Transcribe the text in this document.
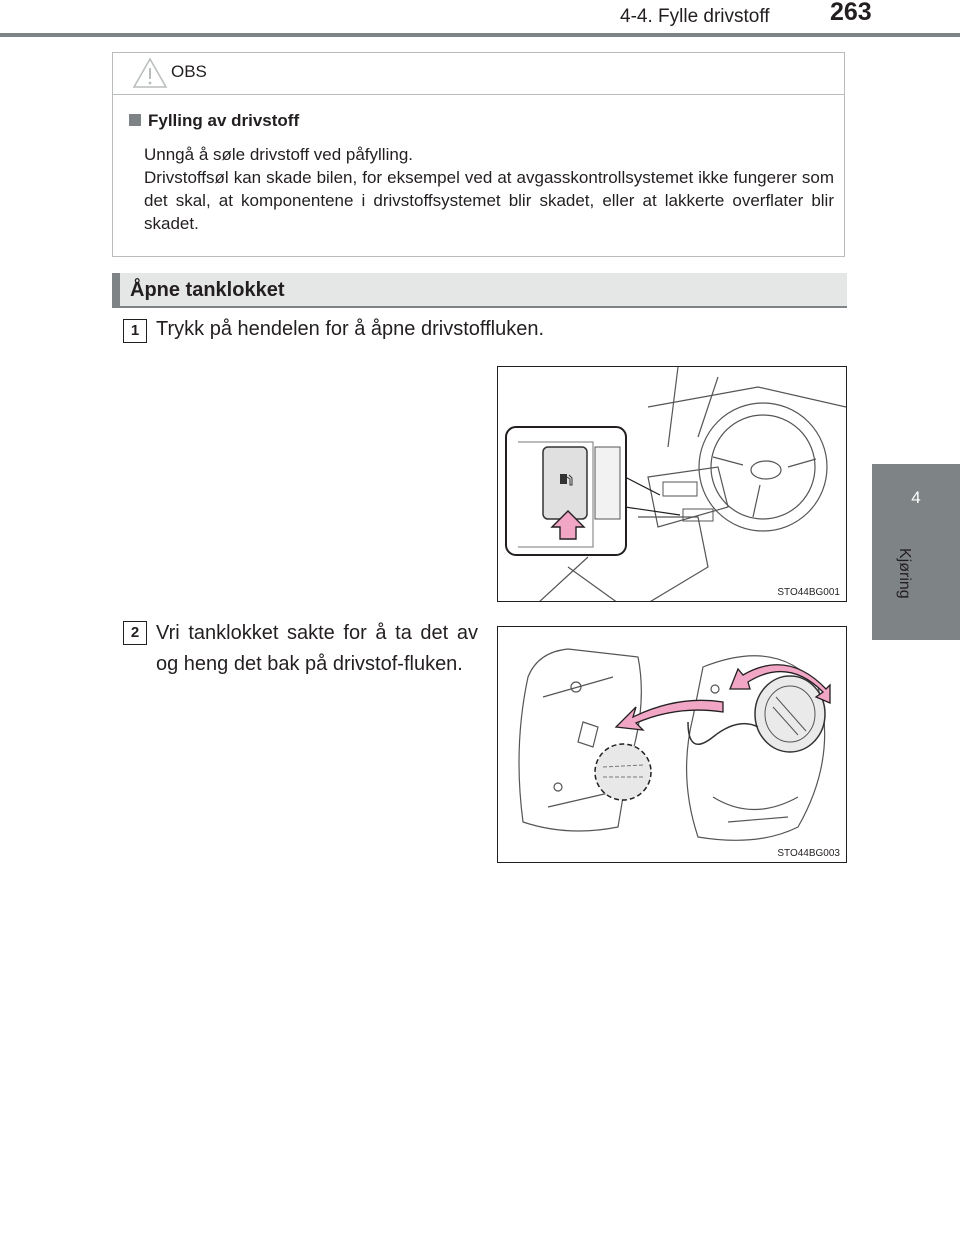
4-4. Fylle drivstoff 263
4
Kjøring
OBS
Fylling av drivstoff

Unngå å søle drivstoff ved påfylling.

Drivstoffsøl kan skade bilen, for eksempel ved at avgasskontrollsystemet ikke fungerer som det skal, at komponentene i drivstoffsystemet blir skadet, eller at lakkerte overflater blir skadet.

Åpne tanklokket
1 Trykk på hendelen for å åpne drivstoffluken.
STO44BG001
2 Vri tanklokket sakte for å ta det av og heng det bak på drivstof-fluken.
STO44BG003
